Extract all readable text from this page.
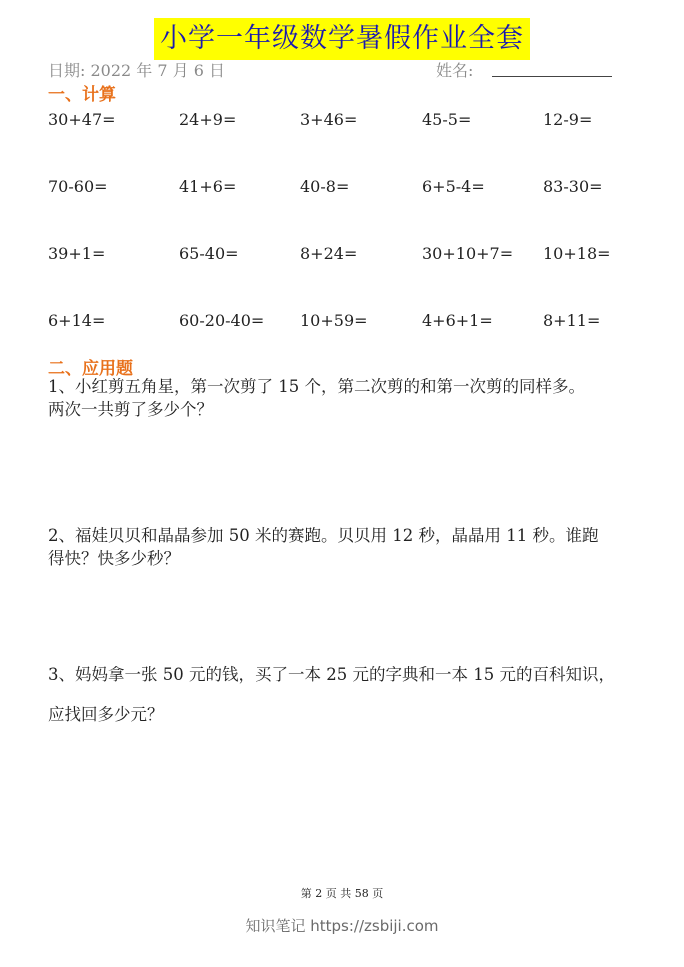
小学一年级数学暑假作业全套
日期: 2022 年 7 月 6 日	姓名:
一、计算
30+47=	24+9=	3+46=	45-5=	12-9=
70-60=	41+6=	40-8=	6+5-4=	83-30=
39+1=	65-40=	8+24=	30+10+7= 10+18=
6+14=	60-20-40= 10+59=	4+6+1=	8+11=
二、应用题
1、小红剪五角星，第一次剪了 15 个，第二次剪的和第一次剪的同样多。
两次一共剪了多少个？
2、福娃贝贝和晶晶参加 50 米的赛跑。贝贝用 12 秒，晶晶用 11 秒。谁跑
得快？快多少秒？
3、妈妈拿一张 50 元的钱，买了一本 25 元的字典和一本 15 元的百科知识，
应找回多少元？
第 2 页 共 58 页
知识笔记 https://zsbiji.com
